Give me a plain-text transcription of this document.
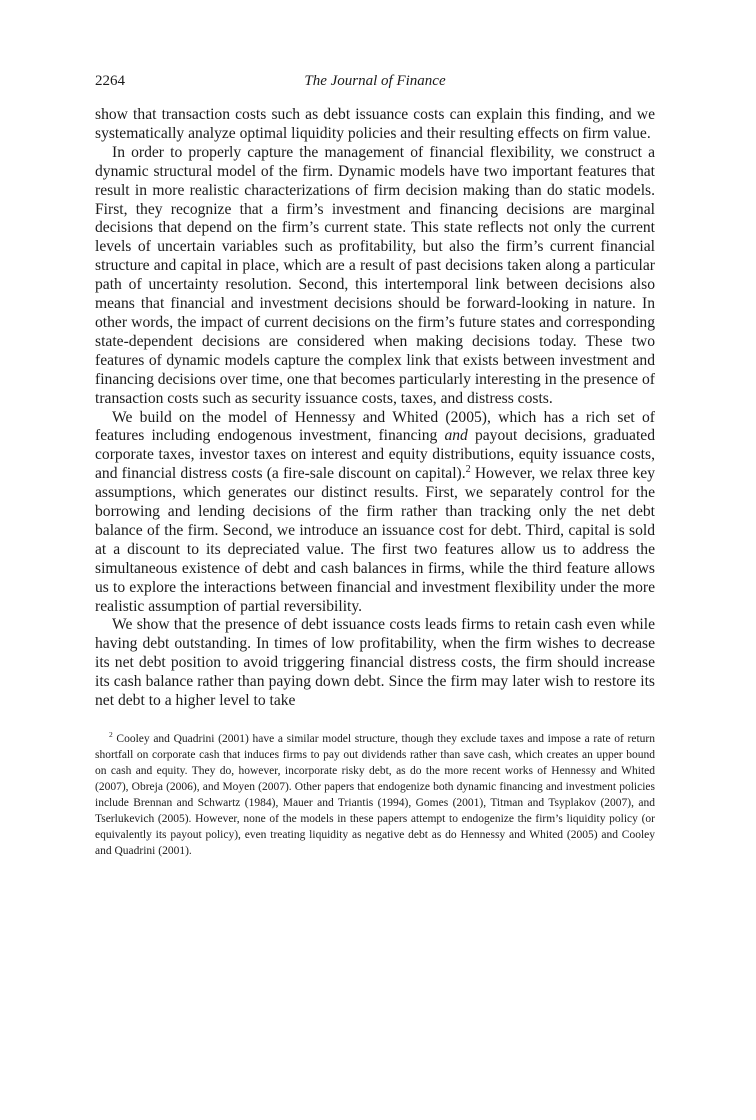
2264	The Journal of Finance

show that transaction costs such as debt issuance costs can explain this finding, and we systematically analyze optimal liquidity policies and their resulting effects on firm value.

In order to properly capture the management of financial flexibility, we construct a dynamic structural model of the firm. Dynamic models have two important features that result in more realistic characterizations of firm decision making than do static models. First, they recognize that a firm’s investment and financing decisions are marginal decisions that depend on the firm’s current state. This state reflects not only the current levels of uncertain variables such as profitability, but also the firm’s current financial structure and capital in place, which are a result of past decisions taken along a particular path of uncertainty resolution. Second, this intertemporal link between decisions also means that financial and investment decisions should be forward-looking in nature. In other words, the impact of current decisions on the firm’s future states and corresponding state-dependent decisions are considered when making decisions today. These two features of dynamic models capture the complex link that exists between investment and financing decisions over time, one that becomes particularly interesting in the presence of transaction costs such as security issuance costs, taxes, and distress costs.

We build on the model of Hennessy and Whited (2005), which has a rich set of features including endogenous investment, financing and payout decisions, graduated corporate taxes, investor taxes on interest and equity distributions, equity issuance costs, and financial distress costs (a fire-sale discount on capital).$^2$ However, we relax three key assumptions, which generates our distinct results. First, we separately control for the borrowing and lending decisions of the firm rather than tracking only the net debt balance of the firm. Second, we introduce an issuance cost for debt. Third, capital is sold at a discount to its depreciated value. The first two features allow us to address the simultaneous existence of debt and cash balances in firms, while the third feature allows us to explore the interactions between financial and investment flexibility under the more realistic assumption of partial reversibility.

We show that the presence of debt issuance costs leads firms to retain cash even while having debt outstanding. In times of low profitability, when the firm wishes to decrease its net debt position to avoid triggering financial distress costs, the firm should increase its cash balance rather than paying down debt. Since the firm may later wish to restore its net debt to a higher level to take

$^2$ Cooley and Quadrini (2001) have a similar model structure, though they exclude taxes and impose a rate of return shortfall on corporate cash that induces firms to pay out dividends rather than save cash, which creates an upper bound on cash and equity. They do, however, incorporate risky debt, as do the more recent works of Hennessy and Whited (2007), Obreja (2006), and Moyen (2007). Other papers that endogenize both dynamic financing and investment policies include Brennan and Schwartz (1984), Mauer and Triantis (1994), Gomes (2001), Titman and Tsyplakov (2007), and Tserlukevich (2005). However, none of the models in these papers attempt to endogenize the firm’s liquidity policy (or equivalently its payout policy), even treating liquidity as negative debt as do Hennessy and Whited (2005) and Cooley and Quadrini (2001).
